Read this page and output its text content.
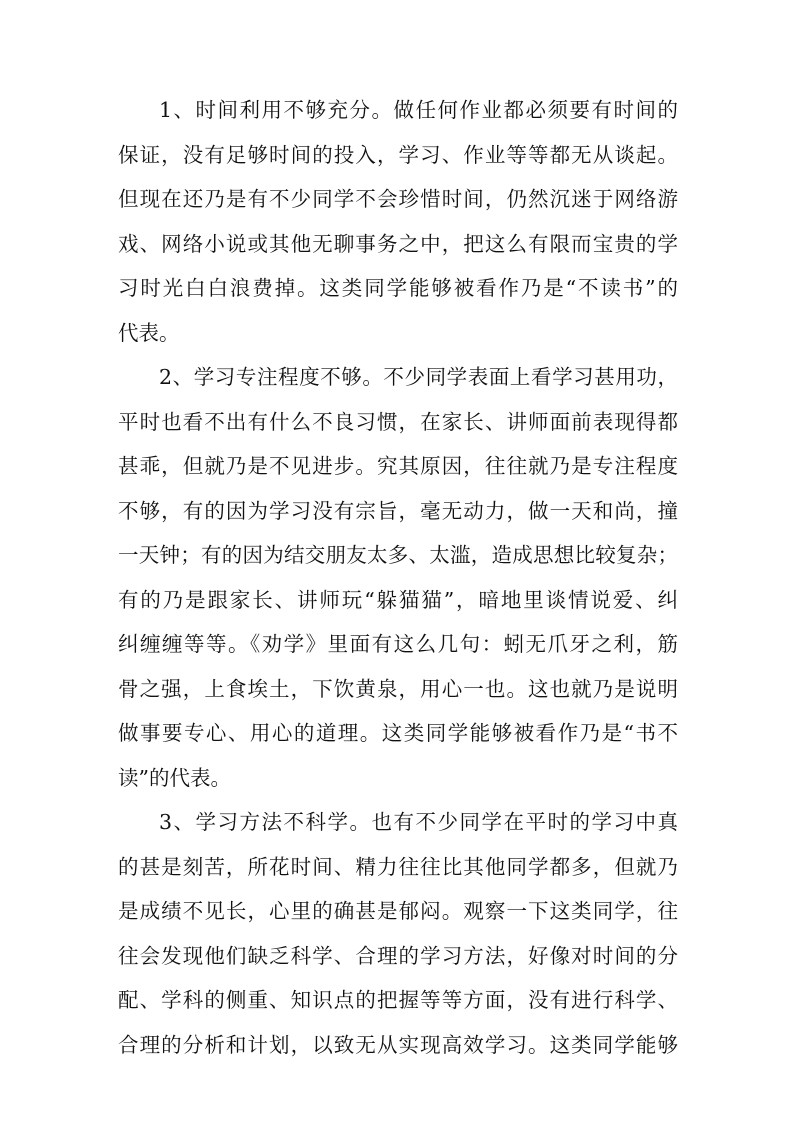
1、时间利用不够充分。做任何作业都必须要有时间的
保证，没有足够时间的投入，学习、作业等等都无从谈起。
但现在还乃是有不少同学不会珍惜时间，仍然沉迷于网络游
戏、网络小说或其他无聊事务之中，把这么有限而宝贵的学
习时光白白浪费掉。这类同学能够被看作乃是“不读书”的
代表。
2、学习专注程度不够。不少同学表面上看学习甚用功，
平时也看不出有什么不良习惯，在家长、讲师面前表现得都
甚乖，但就乃是不见进步。究其原因，往往就乃是专注程度
不够，有的因为学习没有宗旨，毫无动力，做一天和尚，撞
一天钟；有的因为结交朋友太多、太滥，造成思想比较复杂；
有的乃是跟家长、讲师玩“躲猫猫”，暗地里谈情说爱、纠
纠缠缠等等。《劝学》里面有这么几句：蚓无爪牙之利，筋
骨之强，上食埃土，下饮黄泉，用心一也。这也就乃是说明
做事要专心、用心的道理。这类同学能够被看作乃是“书不
读”的代表。
3、学习方法不科学。也有不少同学在平时的学习中真
的甚是刻苦，所花时间、精力往往比其他同学都多，但就乃
是成绩不见长，心里的确甚是郁闷。观察一下这类同学，往
往会发现他们缺乏科学、合理的学习方法，好像对时间的分
配、学科的侧重、知识点的把握等等方面，没有进行科学、
合理的分析和计划，以致无从实现高效学习。这类同学能够
